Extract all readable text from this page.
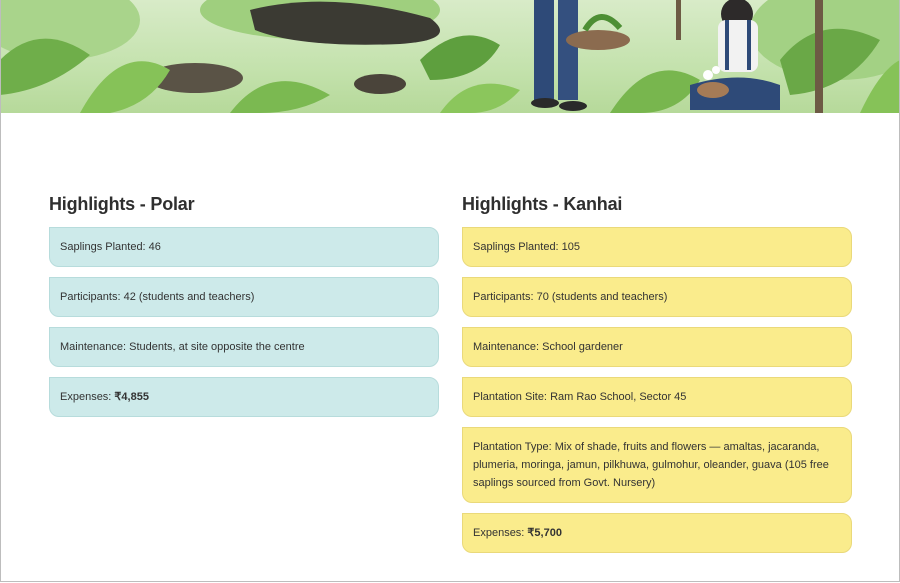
Highlights - Polar
Saplings Planted: 46
Participants: 42 (students and teachers)
Maintenance: Students, at site opposite the centre
Expenses: ₹4,855
Highlights - Kanhai
Saplings Planted: 105
Participants: 70 (students and teachers)
Maintenance: School gardener
Plantation Site: Ram Rao School, Sector 45
Plantation Type: Mix of shade, fruits and flowers — amaltas, jacaranda, plumeria, moringa, jamun, pilkhuwa, gulmohur, oleander, guava (105 free saplings sourced from Govt. Nursery)
Expenses: ₹5,700
